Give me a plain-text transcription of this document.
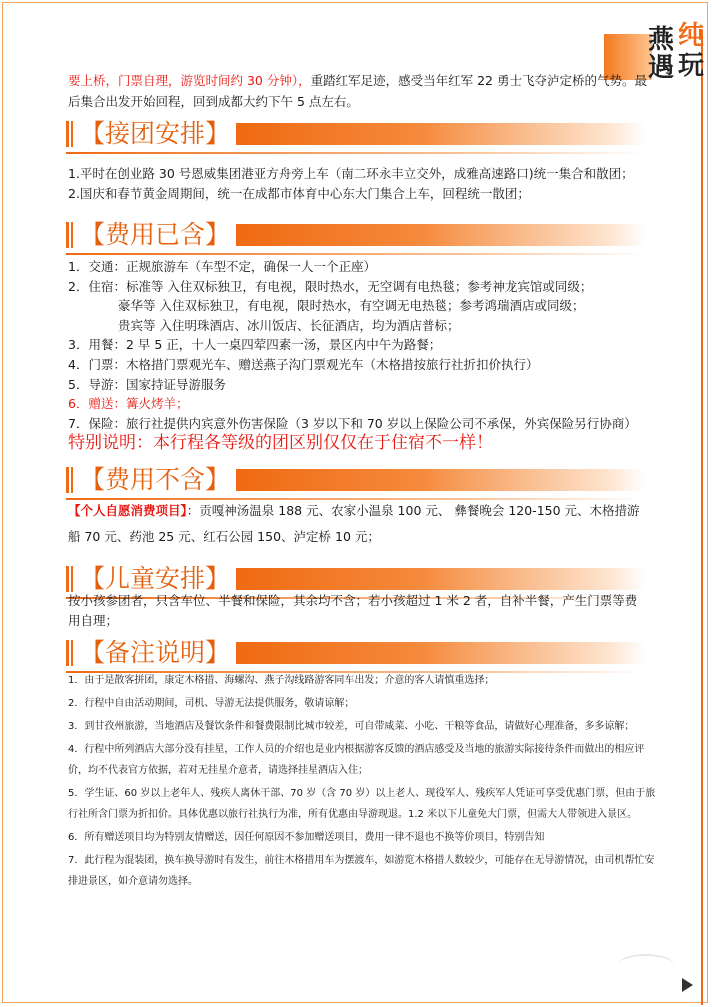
燕 纯
遇 玩
要上桥，门票自理，游览时间约 30 分钟），重踏红军足迹，感受当年红军 22 勇士飞夺泸定桥的气势。最后集合出发开始回程，回到成都大约下午 5 点左右。
【接团安排】

1.平时在创业路 30 号恩威集团港亚方舟旁上车（南二环永丰立交外，成雅高速路口)统一集合和散团；

2.国庆和春节黄金周期间，统一在成都市体育中心东大门集合上车，回程统一散团；

【费用已含】

1．交通：正规旅游车（车型不定，确保一人一个正座）

2．住宿：标准等 入住双标独卫，有电视，限时热水，无空调有电热毯；参考神龙宾馆或同级；

豪华等 入住双标独卫，有电视，限时热水，有空调无电热毯；参考鸿瑞酒店或同级；

贵宾等 入住明珠酒店、冰川饭店、长征酒店，均为酒店普标；

3．用餐：2 早 5 正，十人一桌四荤四素一汤，景区内中午为路餐；

4．门票：木格措门票观光车、赠送燕子沟门票观光车（木格措按旅行社折扣价执行）

5．导游：国家持证导游服务

6．赠送：篝火烤羊；

7．保险：旅行社提供内宾意外伤害保险（3 岁以下和 70 岁以上保险公司不承保，外宾保险另行协商）

特别说明：本行程各等级的团区别仅仅在于住宿不一样！
【费用不含】
【个人自愿消费项目】：贡嘎神汤温泉 188 元、农家小温泉 100 元、 彝餐晚会 120-150 元、木格措游船 70 元、药池 25 元、红石公园 150、泸定桥 10 元；
【儿童安排】
按小孩参团者，只含车位、半餐和保险，其余均不含；若小孩超过 1 米 2 者，自补半餐，产生门票等费用自理；
【备注说明】

1．由于是散客拼团，康定木格措、海螺沟、燕子沟线路游客同车出发；介意的客人请慎重选择；

2．行程中自由活动期间，司机、导游无法提供服务，敬请谅解；

3．到甘孜州旅游，当地酒店及餐饮条件和餐费限制比城市较差，可自带咸菜、小吃、干粮等食品，请做好心理准备，多多谅解；

4．行程中所列酒店大部分没有挂星，工作人员的介绍也是业内根据游客反馈的酒店感受及当地的旅游实际接待条件而做出的相应评价，均不代表官方依据，若对无挂星介意者，请选择挂星酒店入住；

5．学生证、60 岁以上老年人、残疾人离休干部、70 岁（含 70 岁）以上老人、现役军人、残疾军人凭证可享受优惠门票，但由于旅行社所含门票为折扣价。具体优惠以旅行社执行为准，所有优惠由导游现退。1.2 米以下儿童免大门票，但需大人带领进入景区。

6．所有赠送项目均为特别友情赠送，因任何原因不参加赠送项目，费用一律不退也不换等价项目，特别告知

7．此行程为混装团，换车换导游时有发生，前往木格措用车为摆渡车，如游览木格措人数较少，可能存在无导游情况，由司机帮忙安排进景区，如介意请勿选择。
